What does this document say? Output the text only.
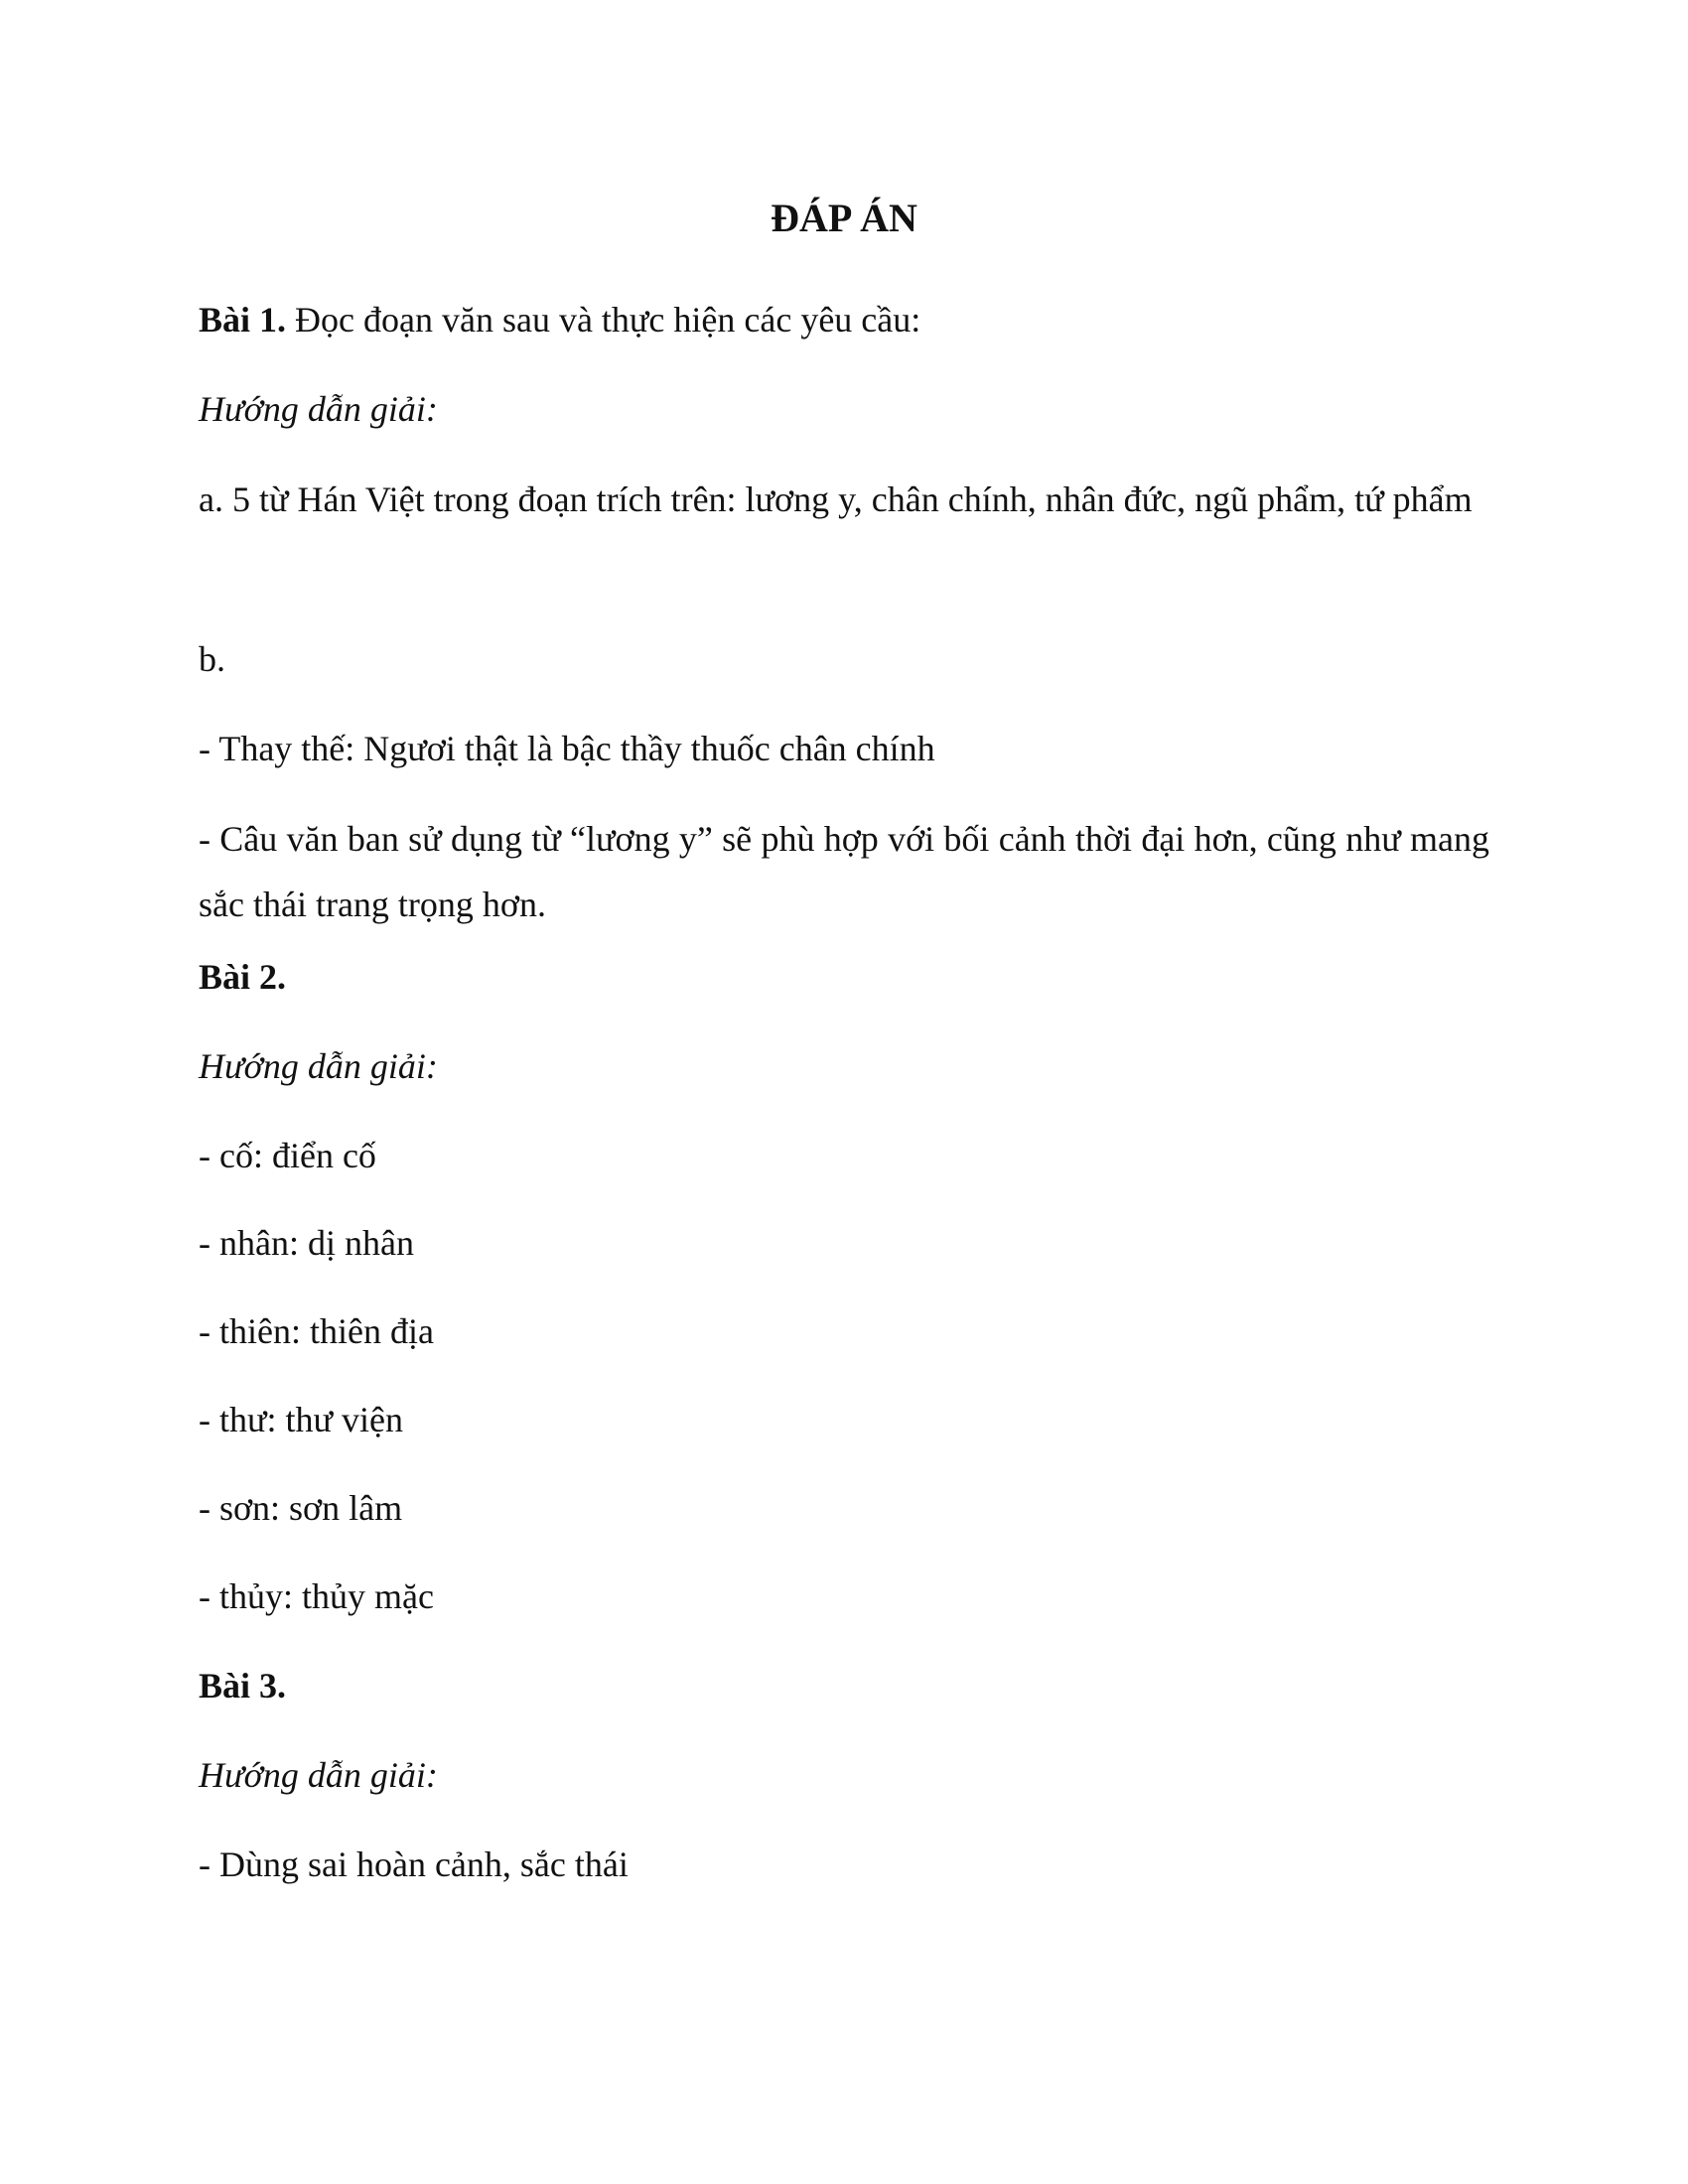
ĐÁP ÁN

Bài 1. Đọc đoạn văn sau và thực hiện các yêu cầu:

Hướng dẫn giải:

a. 5 từ Hán Việt trong đoạn trích trên: lương y, chân chính, nhân đức, ngũ phẩm, tứ phẩm

b.

- Thay thế: Ngươi thật là bậc thầy thuốc chân chính

- Câu văn ban sử dụng từ “lương y” sẽ phù hợp với bối cảnh thời đại hơn, cũng như mang sắc thái trang trọng hơn.

Bài 2.

Hướng dẫn giải:

- cố: điển cố

- nhân: dị nhân

- thiên: thiên địa

- thư: thư viện

- sơn: sơn lâm

- thủy: thủy mặc

Bài 3.

Hướng dẫn giải:

- Dùng sai hoàn cảnh, sắc thái
